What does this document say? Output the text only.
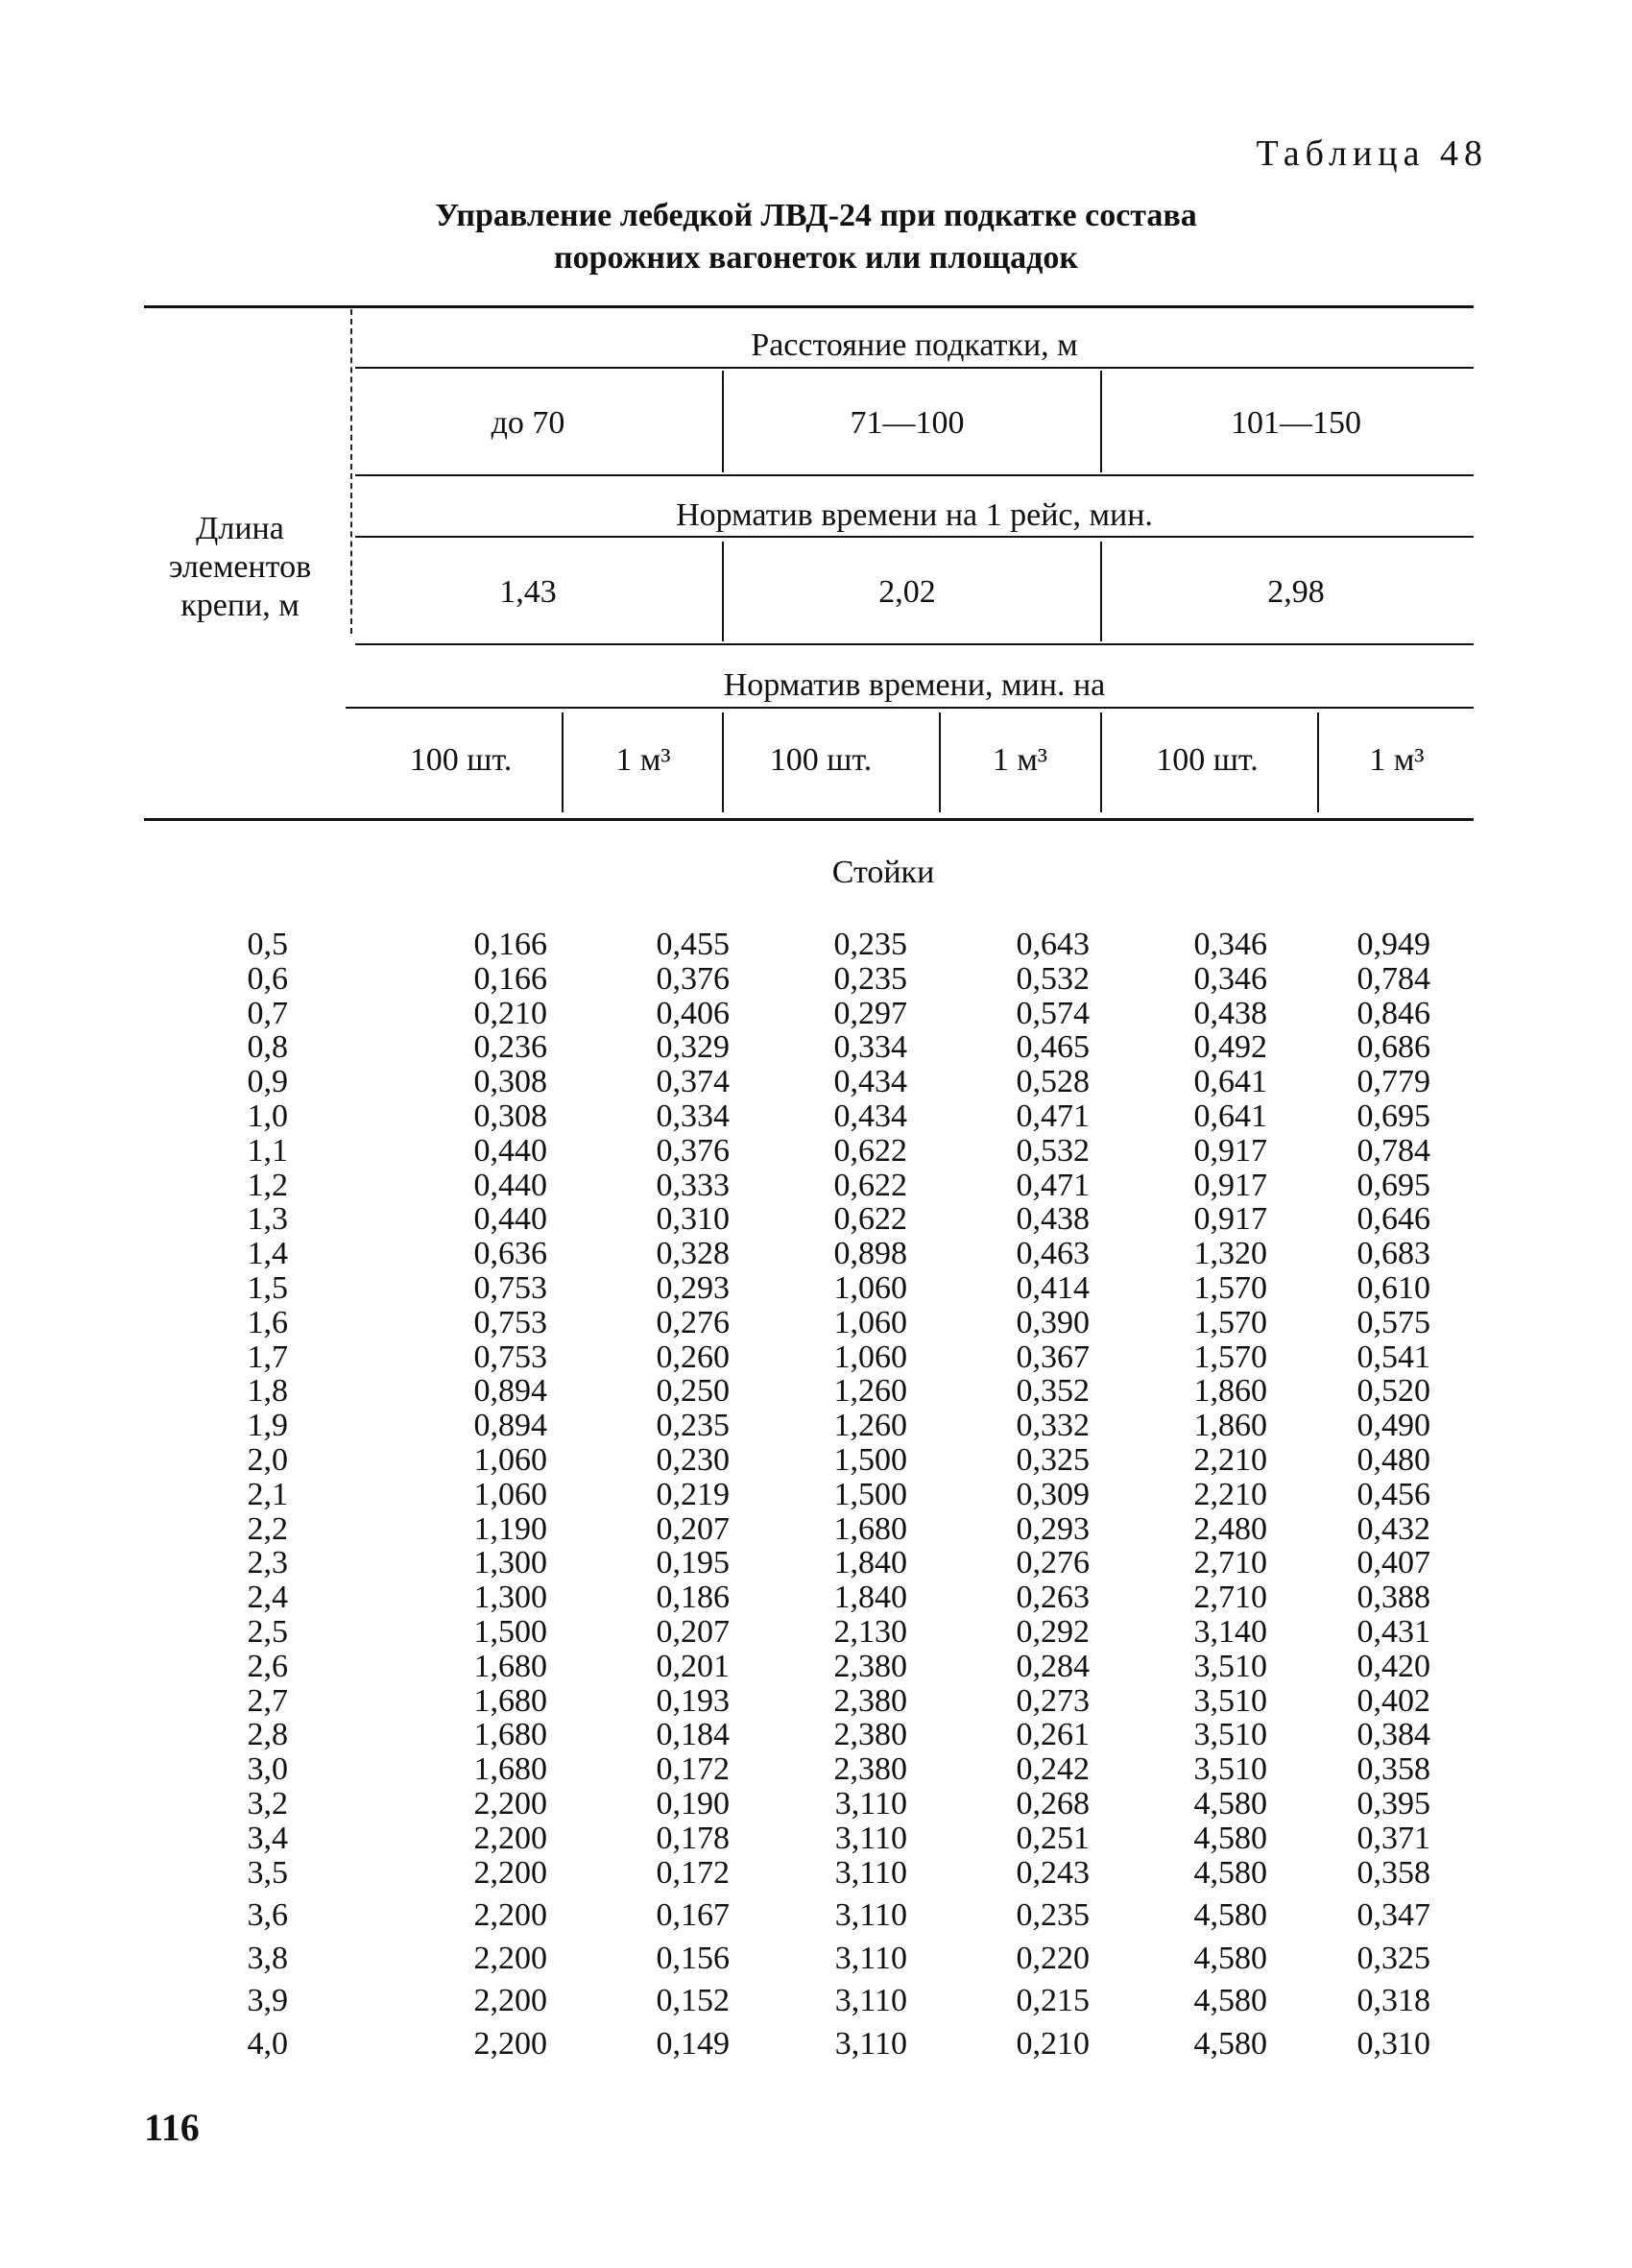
Таблица 48
Управление лебедкой ЛВД-24 при подкатке состава
порожних вагонеток или площадок
Расстояние подкатки, м
до 70	71—100	101—150
Длина элементов крепи, м
Норматив времени на 1 рейс, мин.
1,43	2,02	2,98
Норматив времени, мин. на
100 шт.	1 м³	100 шт.	1 м³	100 шт.	1 м³
Стойки
0,5	0,166	0,455	0,235	0,643	0,346	0,949
0,6	0,166	0,376	0,235	0,532	0,346	0,784
0,7	0,210	0,406	0,297	0,574	0,438	0,846
0,8	0,236	0,329	0,334	0,465	0,492	0,686
0,9	0,308	0,374	0,434	0,528	0,641	0,779
1,0	0,308	0,334	0,434	0,471	0,641	0,695
1,1	0,440	0,376	0,622	0,532	0,917	0,784
1,2	0,440	0,333	0,622	0,471	0,917	0,695
1,3	0,440	0,310	0,622	0,438	0,917	0,646
1,4	0,636	0,328	0,898	0,463	1,320	0,683
1,5	0,753	0,293	1,060	0,414	1,570	0,610
1,6	0,753	0,276	1,060	0,390	1,570	0,575
1,7	0,753	0,260	1,060	0,367	1,570	0,541
1,8	0,894	0,250	1,260	0,352	1,860	0,520
1,9	0,894	0,235	1,260	0,332	1,860	0,490
2,0	1,060	0,230	1,500	0,325	2,210	0,480
2,1	1,060	0,219	1,500	0,309	2,210	0,456
2,2	1,190	0,207	1,680	0,293	2,480	0,432
2,3	1,300	0,195	1,840	0,276	2,710	0,407
2,4	1,300	0,186	1,840	0,263	2,710	0,388
2,5	1,500	0,207	2,130	0,292	3,140	0,431
2,6	1,680	0,201	2,380	0,284	3,510	0,420
2,7	1,680	0,193	2,380	0,273	3,510	0,402
2,8	1,680	0,184	2,380	0,261	3,510	0,384
3,0	1,680	0,172	2,380	0,242	3,510	0,358
3,2	2,200	0,190	3,110	0,268	4,580	0,395
3,4	2,200	0,178	3,110	0,251	4,580	0,371
3,5	2,200	0,172	3,110	0,243	4,580	0,358
3,6	2,200	0,167	3,110	0,235	4,580	0,347
3,8	2,200	0,156	3,110	0,220	4,580	0,325
3,9	2,200	0,152	3,110	0,215	4,580	0,318
4,0	2,200	0,149	3,110	0,210	4,580	0,310
116
